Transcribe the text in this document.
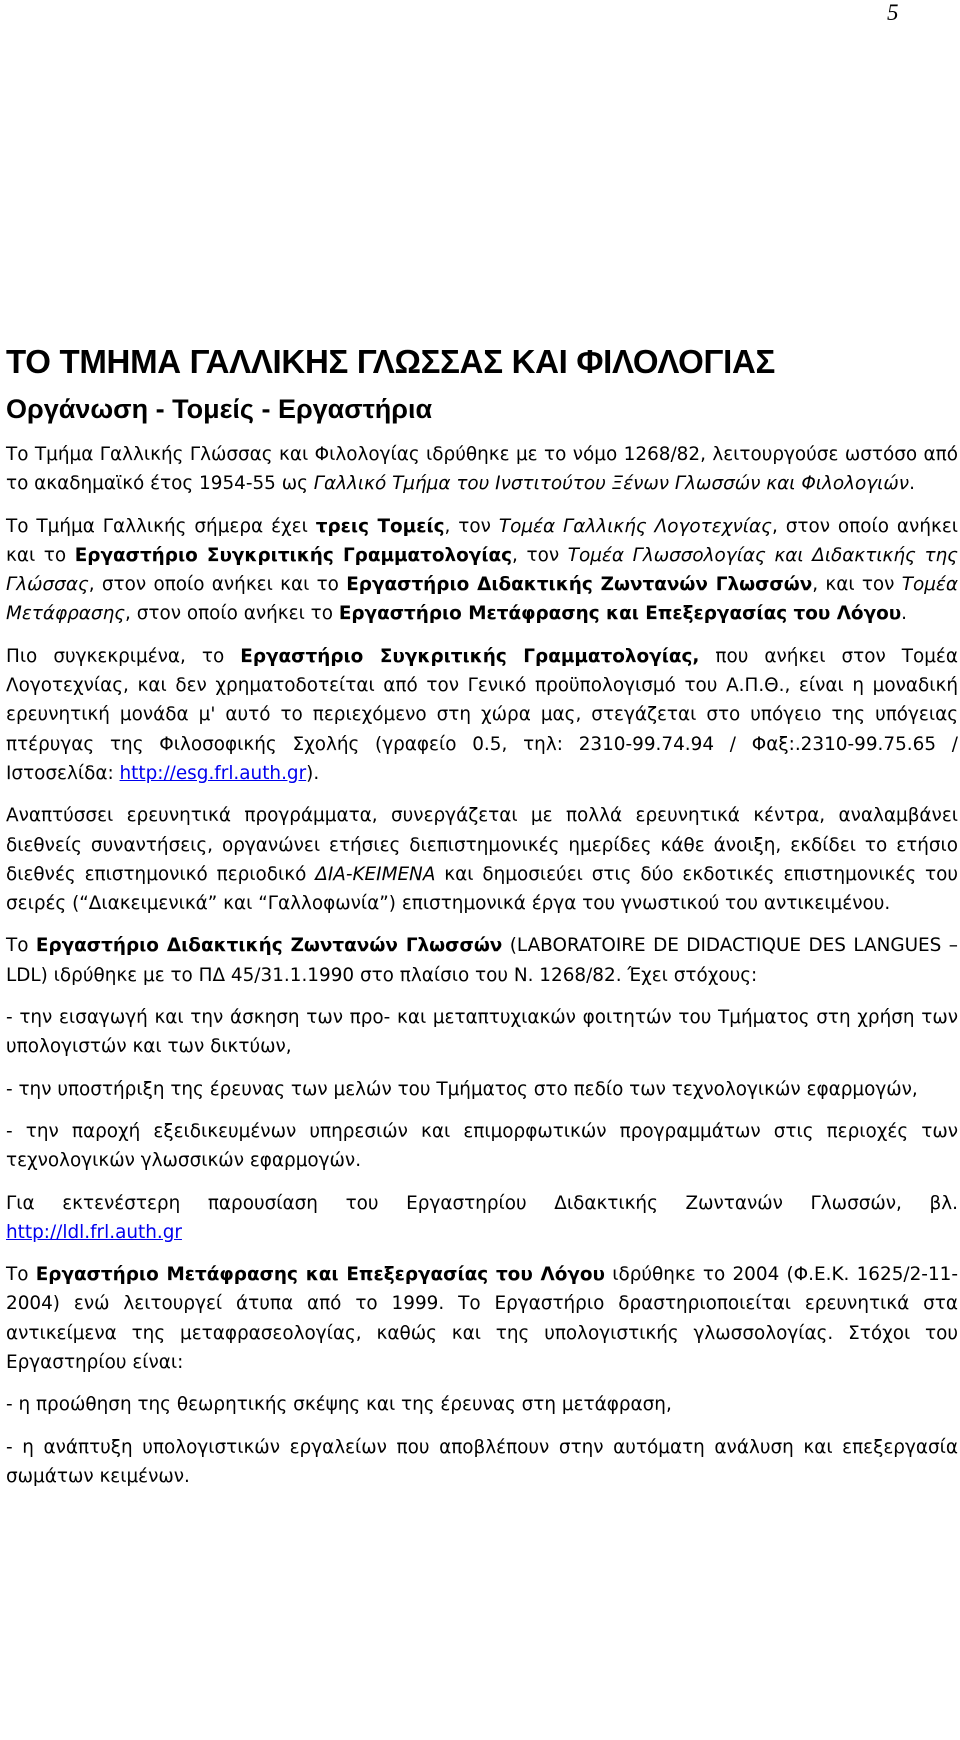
5
ΤΟ ΤΜΗΜΑ ΓΑΛΛΙΚΗΣ ΓΛΩΣΣΑΣ ΚΑΙ ΦΙΛΟΛΟΓΙΑΣ
Οργάνωση - Τομείς - Εργαστήρια

Το Τμήμα Γαλλικής Γλώσσας και Φιλολογίας ιδρύθηκε με το νόμο 1268/82, λειτουργούσε ωστόσο από το ακαδημαϊκό έτος 1954-55 ως Γαλλικό Τμήμα του Ινστιτούτου Ξένων Γλωσσών και Φιλολογιών.

Το Τμήμα Γαλλικής σήμερα έχει τρεις Τομείς, τον Τομέα Γαλλικής Λογοτεχνίας, στον οποίο ανήκει και το Εργαστήριο Συγκριτικής Γραμματολογίας, τον Τομέα Γλωσσολογίας και Διδακτικής της Γλώσσας, στον οποίο ανήκει και το Εργαστήριο Διδακτικής Ζωντανών Γλωσσών, και τον Τομέα Μετάφρασης, στον οποίο ανήκει το Εργαστήριο Μετάφρασης και Επεξεργασίας του Λόγου.

Πιο συγκεκριμένα, το Εργαστήριο Συγκριτικής Γραμματολογίας, που ανήκει στον Τομέα Λογοτεχνίας, και δεν χρηματοδοτείται από τον Γενικό προϋπολογισμό του Α.Π.Θ., είναι η μοναδική ερευνητική μονάδα μ' αυτό το περιεχόμενο στη χώρα μας, στεγάζεται στο υπόγειο της υπόγειας πτέρυγας της Φιλοσοφικής Σχολής (γραφείο 0.5, τηλ: 2310-99.74.94 / Φαξ:.2310-99.75.65 / Ιστοσελίδα: http://esg.frl.auth.gr).

Αναπτύσσει ερευνητικά προγράμματα, συνεργάζεται με πολλά ερευνητικά κέντρα, αναλαμβάνει διεθνείς συναντήσεις, οργανώνει ετήσιες διεπιστημονικές ημερίδες κάθε άνοιξη, εκδίδει το ετήσιο διεθνές επιστημονικό περιοδικό ΔΙΑ-ΚΕΙΜΕΝΑ και δημοσιεύει στις δύο εκδοτικές επιστημονικές του σειρές (“Διακειμενικά” και “Γαλλοφωνία”) επιστημονικά έργα του γνωστικού του αντικειμένου.

Το Εργαστήριο Διδακτικής Ζωντανών Γλωσσών (LABORATOIRE DE DIDACTIQUE DES LANGUES – LDL) ιδρύθηκε με το ΠΔ 45/31.1.1990 στο πλαίσιο του Ν. 1268/82. Έχει στόχους:

- την εισαγωγή και την άσκηση των προ- και μεταπτυχιακών φοιτητών του Τμήματος στη χρήση των υπολογιστών και των δικτύων,

- την υποστήριξη της έρευνας των μελών του Τμήματος στο πεδίο των τεχνολογικών εφαρμογών,

- την παροχή εξειδικευμένων υπηρεσιών και επιμορφωτικών προγραμμάτων στις περιοχές των τεχνολογικών γλωσσικών εφαρμογών.

Για εκτενέστερη παρουσίαση του Εργαστηρίου Διδακτικής Ζωντανών Γλωσσών, βλ. http://ldl.frl.auth.gr

Το Εργαστήριο Μετάφρασης και Επεξεργασίας του Λόγου ιδρύθηκε το 2004 (Φ.Ε.Κ. 1625/2-11-2004) ενώ λειτουργεί άτυπα από το 1999. Το Εργαστήριο δραστηριοποιείται ερευνητικά στα αντικείμενα της μεταφρασεολογίας, καθώς και της υπολογιστικής γλωσσολογίας. Στόχοι του Εργαστηρίου είναι:

- η προώθηση της θεωρητικής σκέψης και της έρευνας στη μετάφραση,

- η ανάπτυξη υπολογιστικών εργαλείων που αποβλέπουν στην αυτόματη ανάλυση και επεξεργασία σωμάτων κειμένων.
